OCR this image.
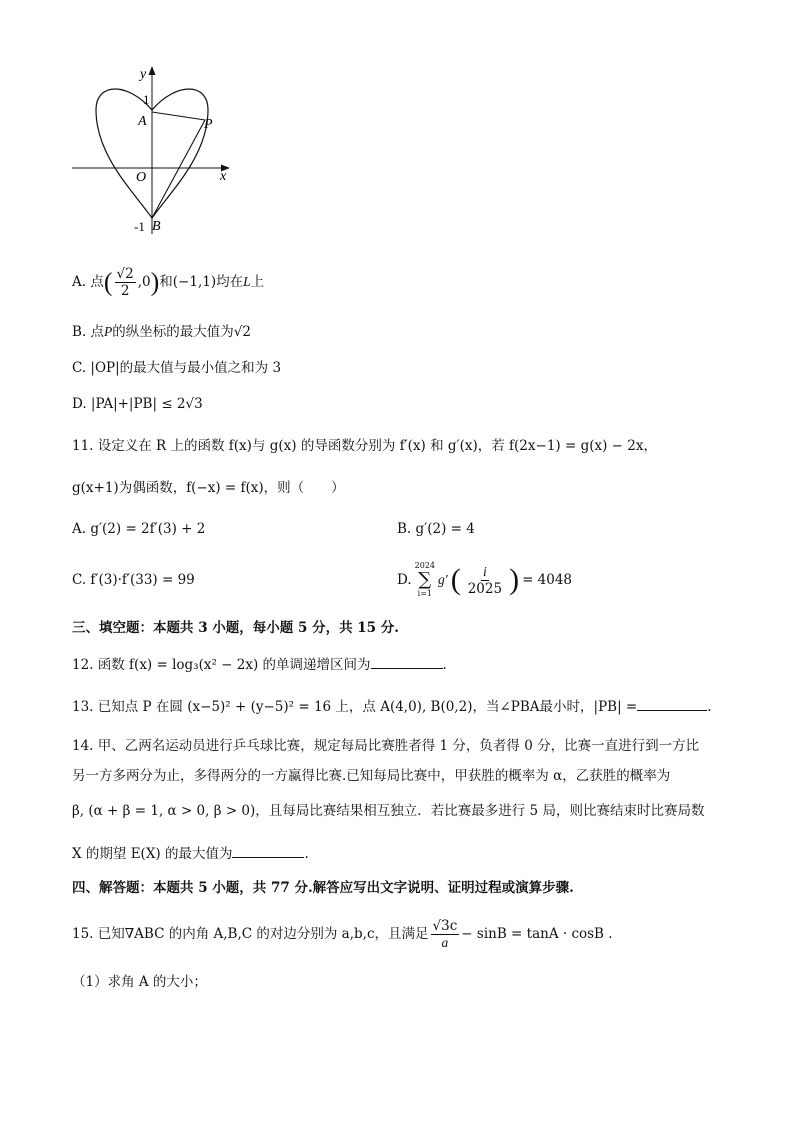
y
x
O
1
A	P
-1 B
A. 点( $\frac{√2}{2} ,0$)和(−1,1)均在L上
B. 点P的纵坐标的最大值为√2
C. |OP|的最大值与最小值之和为 3
D. |PA|+|PB| ≤ 2√3
11. 设定义在 R 上的函数 f(x)与 g(x) 的导函数分别为 f′(x) 和 g′(x)，若 f(2x−1) = g(x) − 2x，
g(x+1)为偶函数，f(−x) = f(x)，则（　　）
A. g′(2) = 2f′(3) + 2	B. g′(2) = 4
C. f′(3)·f′(33) = 99	D.
2024
∑
i=1
g′ ( $\frac{i}{2025}$ ) = 4048
三、填空题：本题共 3 小题，每小题 5 分，共 15 分.
12. 函数 f(x) = log₃(x² − 2x) 的单调递增区间为	.
13. 已知点 P 在圆 (x−5)² + (y−5)² = 16 上，点 A(4,0), B(0,2)，当∠PBA最小时，|PB| =	.
14. 甲、乙两名运动员进行乒乓球比赛，规定每局比赛胜者得 1 分，负者得 0 分，比赛一直进行到一方比
另一方多两分为止，多得两分的一方赢得比赛.已知每局比赛中，甲获胜的概率为 α，乙获胜的概率为
β, (α + β = 1, α > 0, β > 0)，且每局比赛结果相互独立．若比赛最多进行 5 局，则比赛结束时比赛局数
X 的期望 E(X) 的最大值为	.
四、解答题：本题共 5 小题，共 77 分.解答应写出文字说明、证明过程或演算步骤.
15. 已知∇ABC 的内角 A,B,C 的对边分别为 a,b,c，且满足 $\frac{√3c}{a} - \sin B = \tan A \cdot \cos B$ .
（1）求角 A 的大小；
